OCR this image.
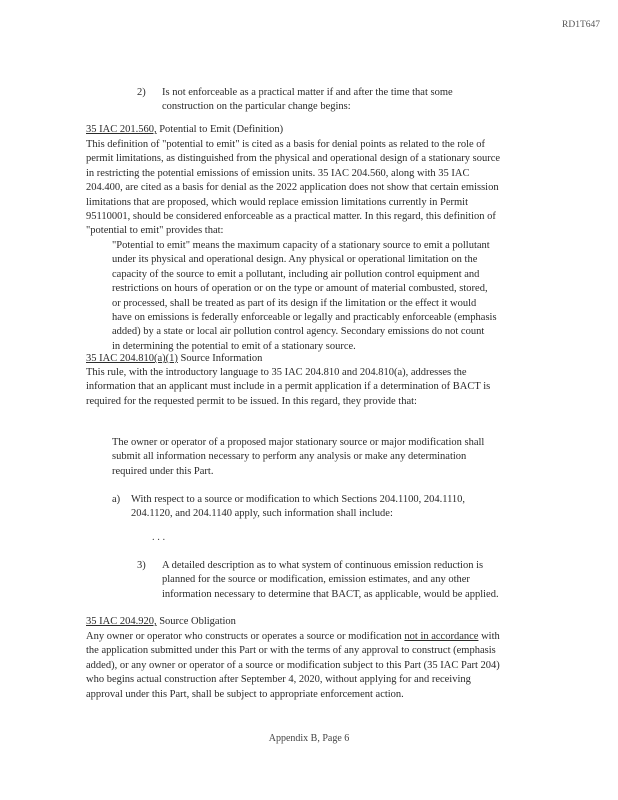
RD1T647
2) Is not enforceable as a practical matter if and after the time that some
construction on the particular change begins:
35 IAC 201.560, Potential to Emit (Definition)
This definition of "potential to emit" is cited as a basis for denial points as related to the role of
permit limitations, as distinguished from the physical and operational design of a stationary source
in restricting the potential emissions of emission units. 35 IAC 204.560, along with 35 IAC
204.400, are cited as a basis for denial as the 2022 application does not show that certain emission
limitations that are proposed, which would replace emission limitations currently in Permit
95110001, should be considered enforceable as a practical matter. In this regard, this definition of
"potential to emit" provides that:
"Potential to emit" means the maximum capacity of a stationary source to emit a pollutant
under its physical and operational design. Any physical or operational limitation on the
capacity of the source to emit a pollutant, including air pollution control equipment and
restrictions on hours of operation or on the type or amount of material combusted, stored,
or processed, shall be treated as part of its design if the limitation or the effect it would
have on emissions is federally enforceable or legally and practicably enforceable (emphasis
added) by a state or local air pollution control agency. Secondary emissions do not count
in determining the potential to emit of a stationary source.
35 IAC 204.810(a)(1) Source Information
This rule, with the introductory language to 35 IAC 204.810 and 204.810(a), addresses the
information that an applicant must include in a permit application if a determination of BACT is
required for the requested permit to be issued. In this regard, they provide that:
The owner or operator of a proposed major stationary source or major modification shall
submit all information necessary to perform any analysis or make any determination
required under this Part.
a) With respect to a source or modification to which Sections 204.1100, 204.1110,
204.1120, and 204.1140 apply, such information shall include:
. . .
3) A detailed description as to what system of continuous emission reduction is
planned for the source or modification, emission estimates, and any other
information necessary to determine that BACT, as applicable, would be applied.
35 IAC 204.920, Source Obligation
Any owner or operator who constructs or operates a source or modification not in accordance with
the application submitted under this Part or with the terms of any approval to construct (emphasis
added), or any owner or operator of a source or modification subject to this Part (35 IAC Part 204)
who begins actual construction after September 4, 2020, without applying for and receiving
approval under this Part, shall be subject to appropriate enforcement action.
Appendix B, Page 6
